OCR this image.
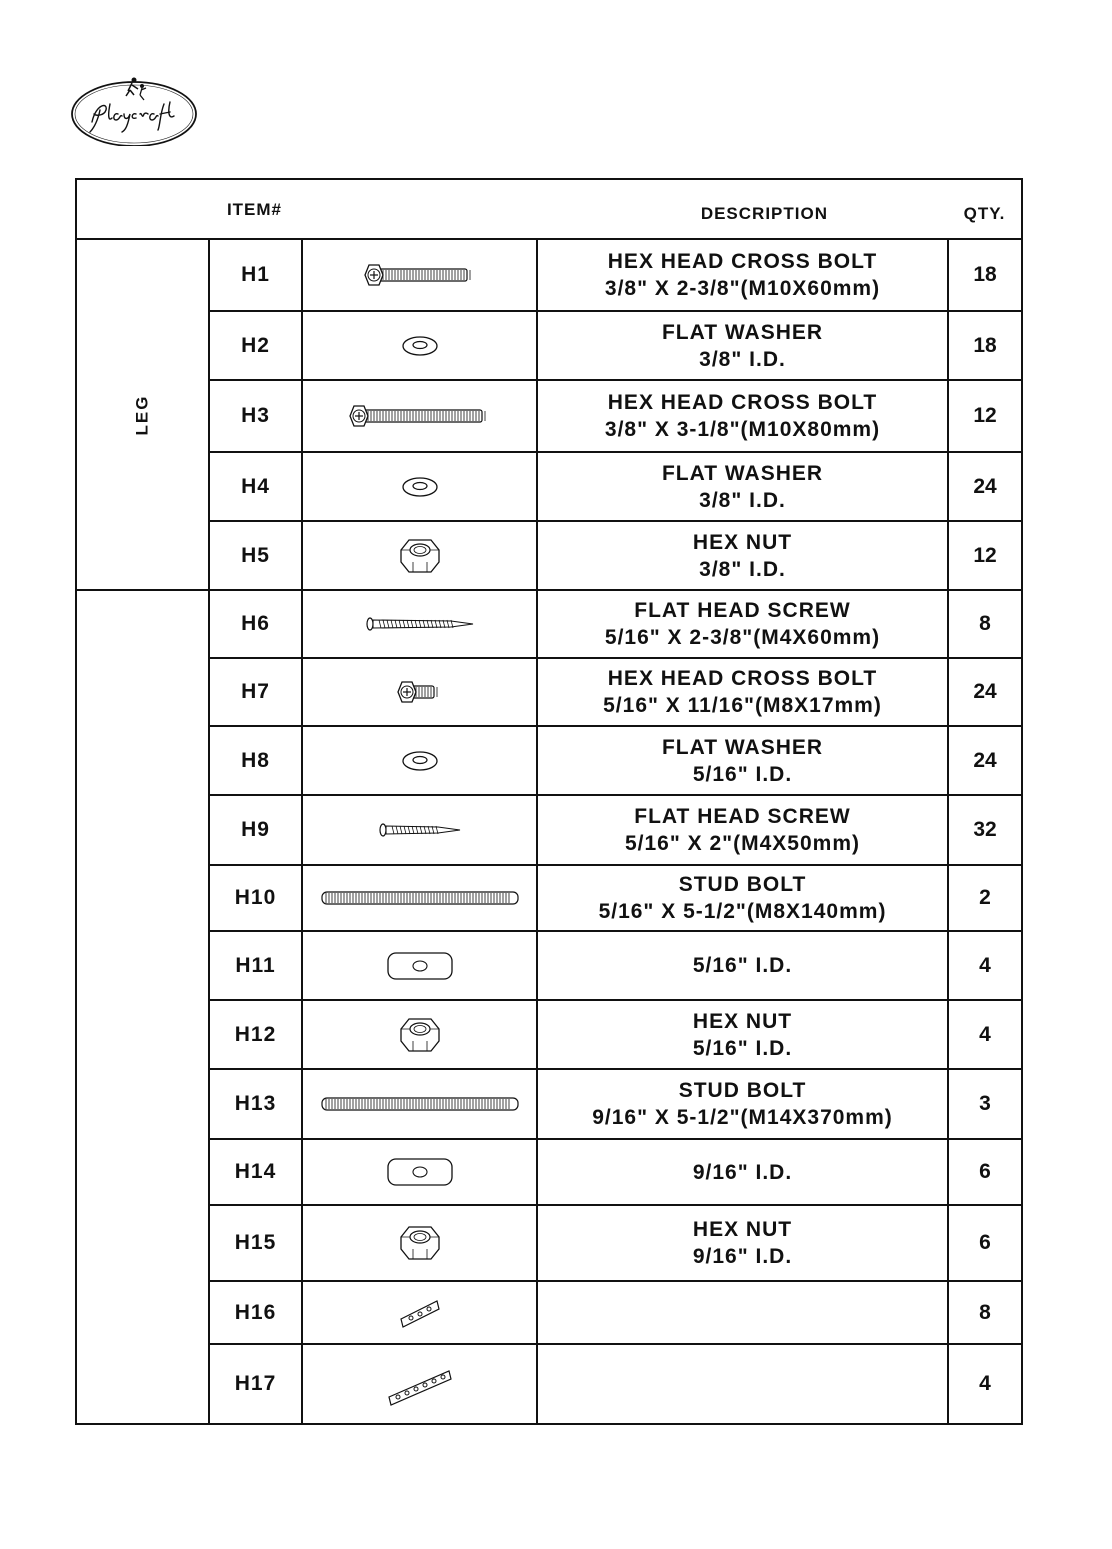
ITEM#			DESCRIPTION	QTY.

LEG	H1		HEX HEAD CROSS BOLT
3/8" X 2-3/8"(M10X60mm)	18
	H2		FLAT WASHER
3/8" I.D.	18
	H3		HEX HEAD CROSS BOLT
3/8" X 3-1/8"(M10X80mm)	12
	H4		FLAT WASHER
3/8" I.D.	24
	H5		HEX NUT
3/8" I.D.	12
	H6		FLAT HEAD SCREW
5/16" X 2-3/8"(M4X60mm)	8
	H7		HEX HEAD CROSS BOLT
5/16" X 11/16"(M8X17mm)	24
	H8		FLAT WASHER
5/16" I.D.	24
	H9		FLAT HEAD SCREW
5/16" X 2"(M4X50mm)	32
	H10		STUD BOLT
5/16" X 5-1/2"(M8X140mm)	2
	H11		5/16" I.D.	4
	H12		HEX NUT
5/16" I.D.	4
	H13		STUD BOLT
9/16" X 5-1/2"(M14X370mm)	3
	H14		9/16" I.D.	6
	H15		HEX NUT
9/16" I.D.	6
	H16			8
	H17			4
